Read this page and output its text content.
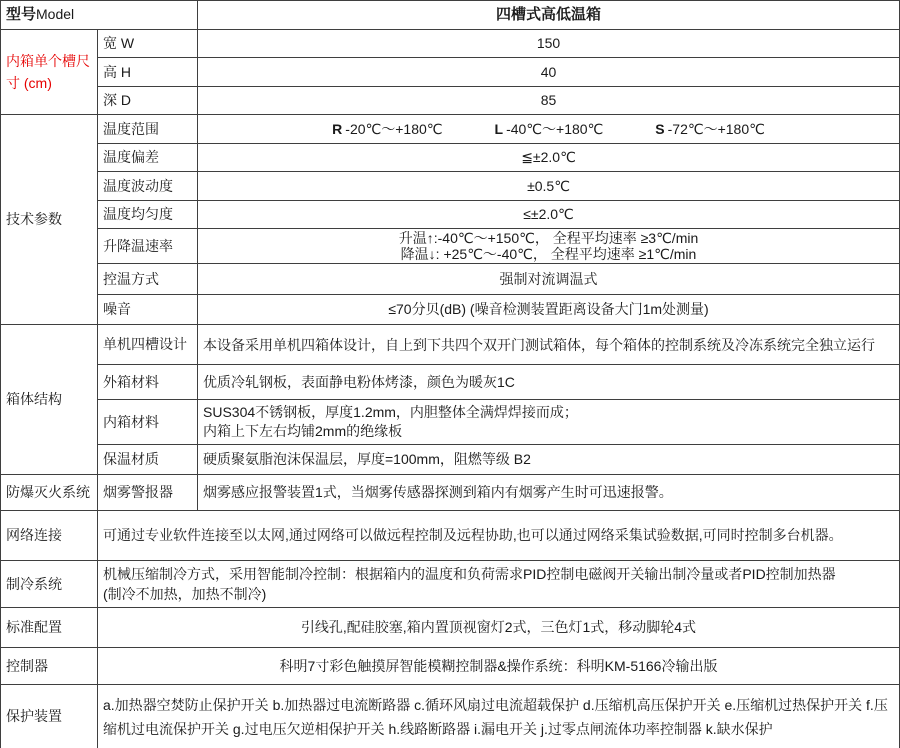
型号Model		四槽式高低温箱
内箱单个槽尺寸 (cm)	宽 W	150
	高 H	40
	深 D	85
技术参数	温度范围	R -20℃～+180℃ L -40℃～+180℃ S -72℃～+180℃

	温度偏差	≦±2.0℃
	温度波动度	±0.5℃
	温度均匀度	≤±2.0℃
	升降温速率	升温↑:-40℃～+150℃， 全程平均速率 ≥3℃/min
降温↓: +25℃～-40℃， 全程平均速率 ≥1℃/min

	控温方式	强制对流调温式
	噪音	≤70分贝(dB) (噪音检测装置距离设备大门1m处测量)
箱体结构	单机四槽设计	本设备采用单机四箱体设计，自上到下共四个双开门测试箱体，每个箱体的控制系统及冷冻系统完全独立运行
	外箱材料	优质冷轧钢板，表面静电粉体烤漆，颜色为暖灰1C
	内箱材料	SUS304不锈钢板，厚度1.2mm，内胆整体全满焊焊接而成；
内箱上下左右均铺2mm的绝缘板

	保温材质	硬质聚氨脂泡沫保温层，厚度=100mm，阻燃等级 B2
防爆灭火系统	烟雾警报器	烟雾感应报警装置1式，当烟雾传感器探测到箱内有烟雾产生时可迅速报警。
网络连接	可通过专业软件连接至以太网,通过网络可以做远程控制及远程协助,也可以通过网络采集试验数据,可同时控制多台机器。	
制冷系统	机械压缩制冷方式，采用智能制冷控制：根据箱内的温度和负荷需求PID控制电磁阀开关输出制冷量或者PID控制加热器
(制冷不加热，加热不制冷)	

标准配置	引线孔,配硅胶塞,箱内置顶视窗灯2式，三色灯1式，移动脚轮4式	
控制器	科明7寸彩色触摸屏智能模糊控制器&操作系统：科明KM-5166冷输出版	
保护装置	a.加热器空焚防止保护开关 b.加热器过电流断路器 c.循环风扇过电流超载保护 d.压缩机高压保护开关 e.压缩机过热保护开关 f.压缩机过电流保护开关 g.过电压欠逆相保护开关 h.线路断路器 i.漏电开关 j.过零点闸流体功率控制器 k.缺水保护	
